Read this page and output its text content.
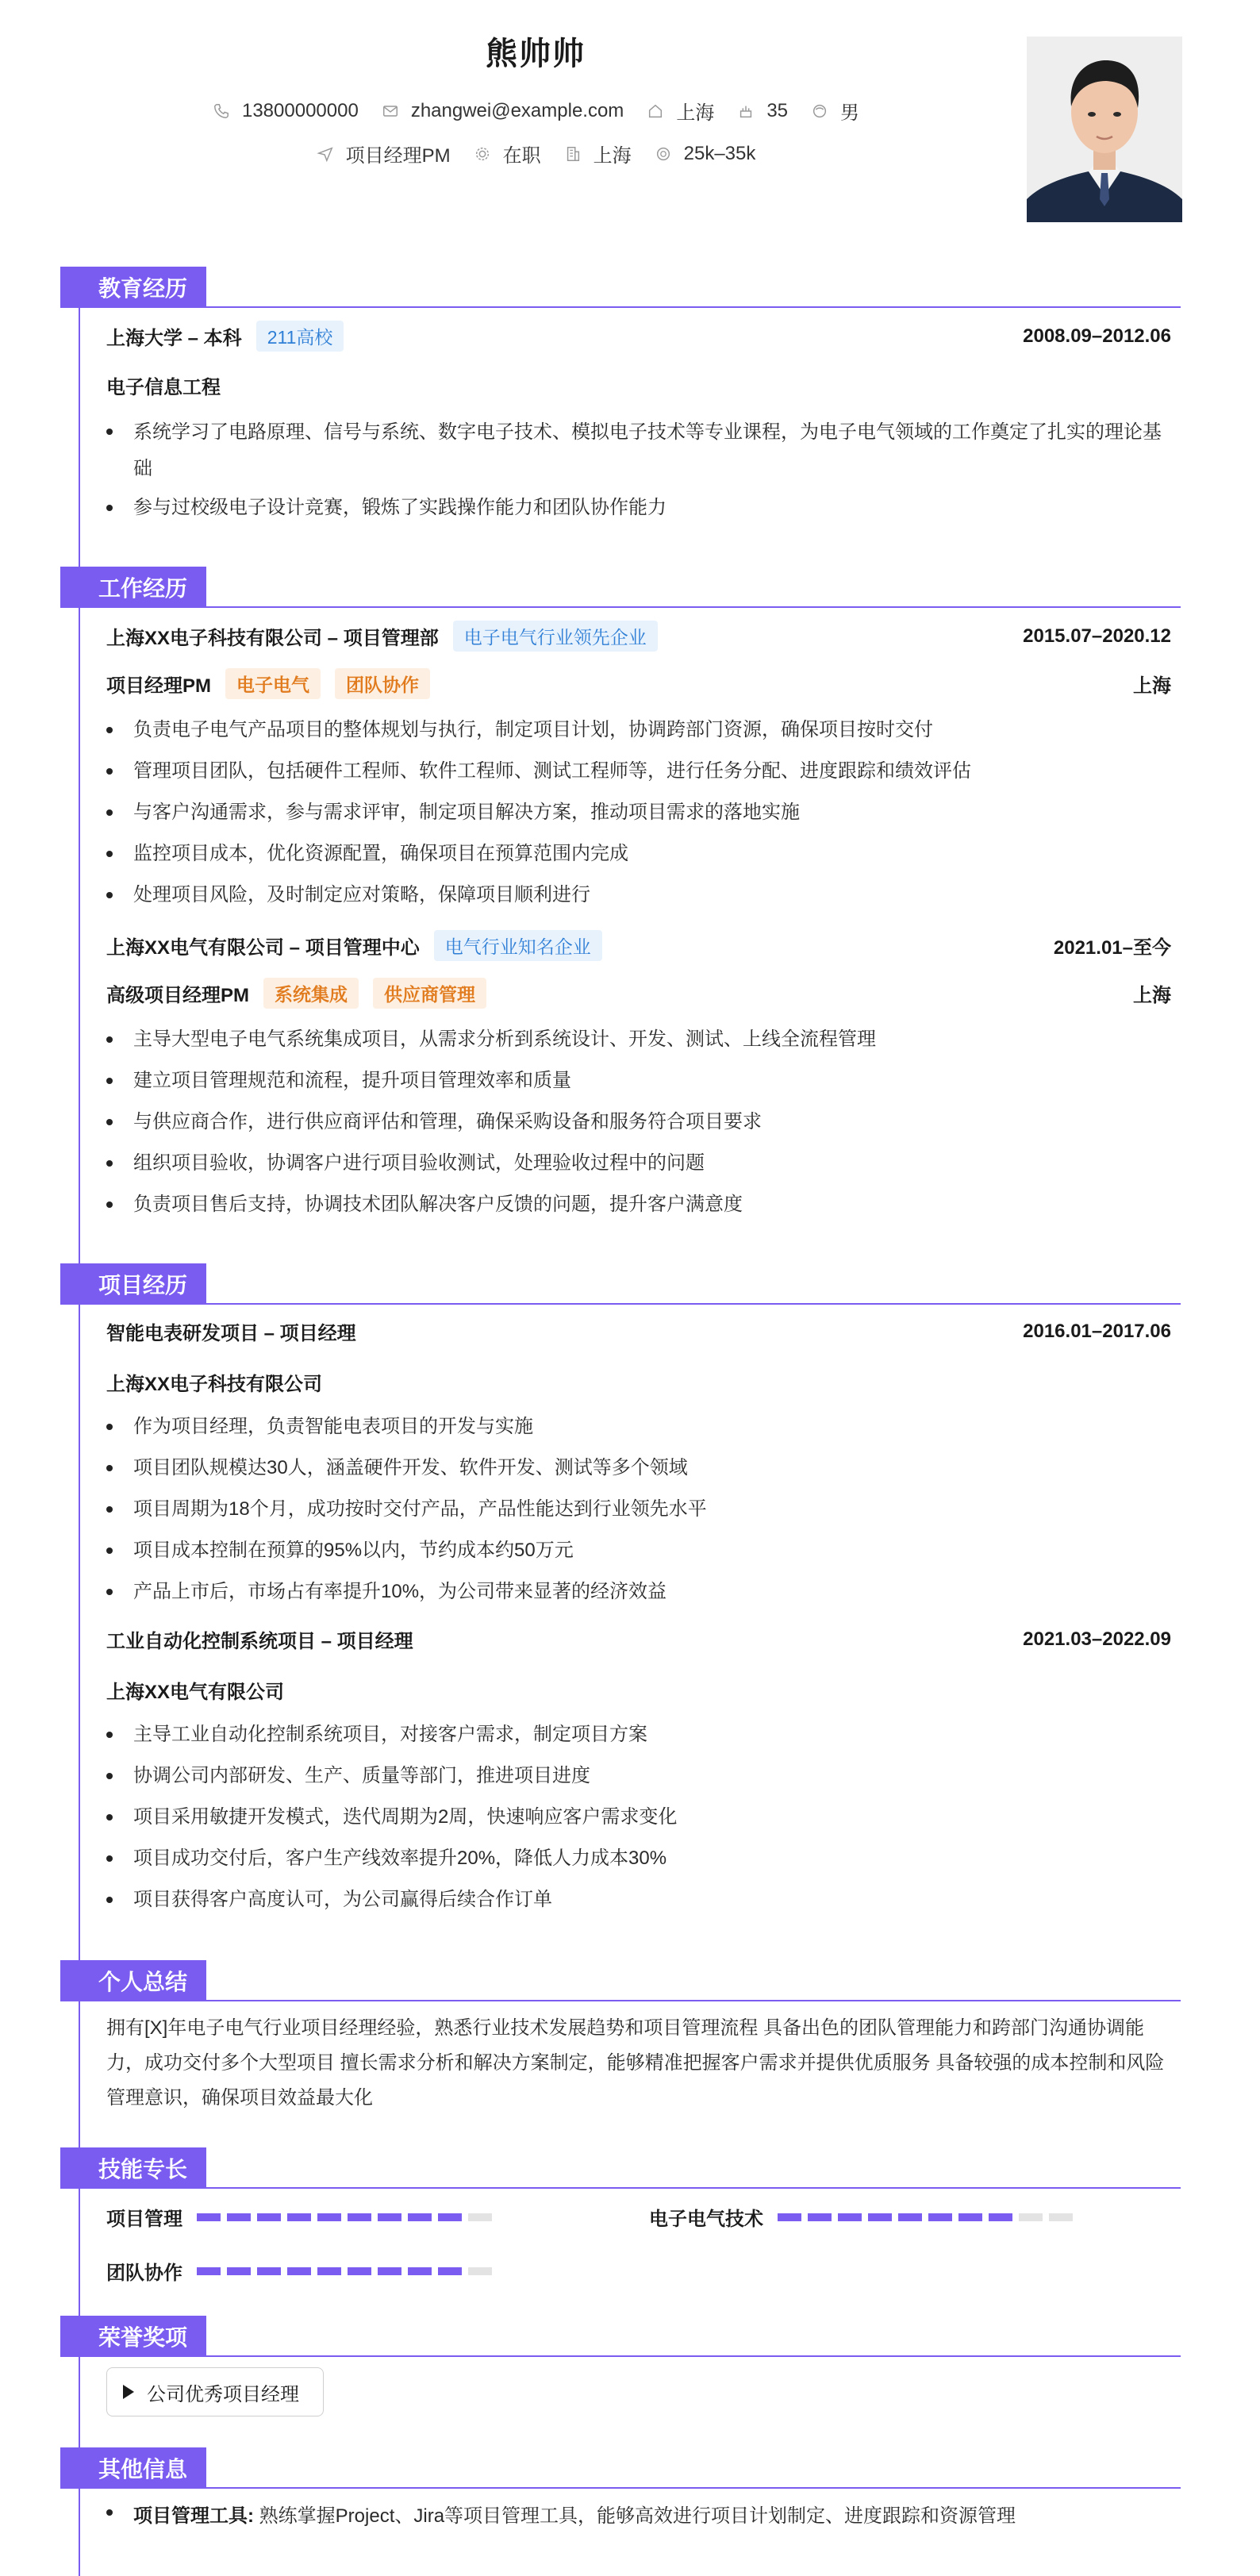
熊帅帅
13800000000	zhangwei@example.com	上海	35	男
项目经理PM	在职	上海	25k–35k
教育经历
上海大学 – 本科	211高校	2008.09–2012.06
电子信息工程
系统学习了电路原理、信号与系统、数字电子技术、模拟电子技术等专业课程，为电子电气领域的工作奠定了扎实的理论基础
参与过校级电子设计竞赛，锻炼了实践操作能力和团队协作能力
工作经历
上海XX电子科技有限公司 – 项目管理部	电子电气行业领先企业	2015.07–2020.12
项目经理PM	电子电气	团队协作	上海
负责电子电气产品项目的整体规划与执行，制定项目计划，协调跨部门资源，确保项目按时交付
管理项目团队，包括硬件工程师、软件工程师、测试工程师等，进行任务分配、进度跟踪和绩效评估
与客户沟通需求，参与需求评审，制定项目解决方案，推动项目需求的落地实施
监控项目成本，优化资源配置，确保项目在预算范围内完成
处理项目风险，及时制定应对策略，保障项目顺利进行
上海XX电气有限公司 – 项目管理中心	电气行业知名企业	2021.01–至今
高级项目经理PM	系统集成	供应商管理	上海
主导大型电子电气系统集成项目，从需求分析到系统设计、开发、测试、上线全流程管理
建立项目管理规范和流程，提升项目管理效率和质量
与供应商合作，进行供应商评估和管理，确保采购设备和服务符合项目要求
组织项目验收，协调客户进行项目验收测试，处理验收过程中的问题
负责项目售后支持，协调技术团队解决客户反馈的问题，提升客户满意度
项目经历
智能电表研发项目 – 项目经理	2016.01–2017.06
上海XX电子科技有限公司
作为项目经理，负责智能电表项目的开发与实施
项目团队规模达30人，涵盖硬件开发、软件开发、测试等多个领域
项目周期为18个月，成功按时交付产品，产品性能达到行业领先水平
项目成本控制在预算的95%以内，节约成本约50万元
产品上市后，市场占有率提升10%，为公司带来显著的经济效益
工业自动化控制系统项目 – 项目经理	2021.03–2022.09
上海XX电气有限公司
主导工业自动化控制系统项目，对接客户需求，制定项目方案
协调公司内部研发、生产、质量等部门，推进项目进度
项目采用敏捷开发模式，迭代周期为2周，快速响应客户需求变化
项目成功交付后，客户生产线效率提升20%，降低人力成本30%
项目获得客户高度认可，为公司赢得后续合作订单
个人总结
拥有[X]年电子电气行业项目经理经验，熟悉行业技术发展趋势和项目管理流程 具备出色的团队管理能力和跨部门沟通协调能力，成功交付多个大型项目 擅长需求分析和解决方案制定，能够精准把握客户需求并提供优质服务 具备较强的成本控制和风险管理意识，确保项目效益最大化
技能专长
项目管理	电子电气技术
团队协作
荣誉奖项
公司优秀项目经理
其他信息
项目管理工具: 熟练掌握Project、Jira等项目管理工具，能够高效进行项目计划制定、进度跟踪和资源管理
